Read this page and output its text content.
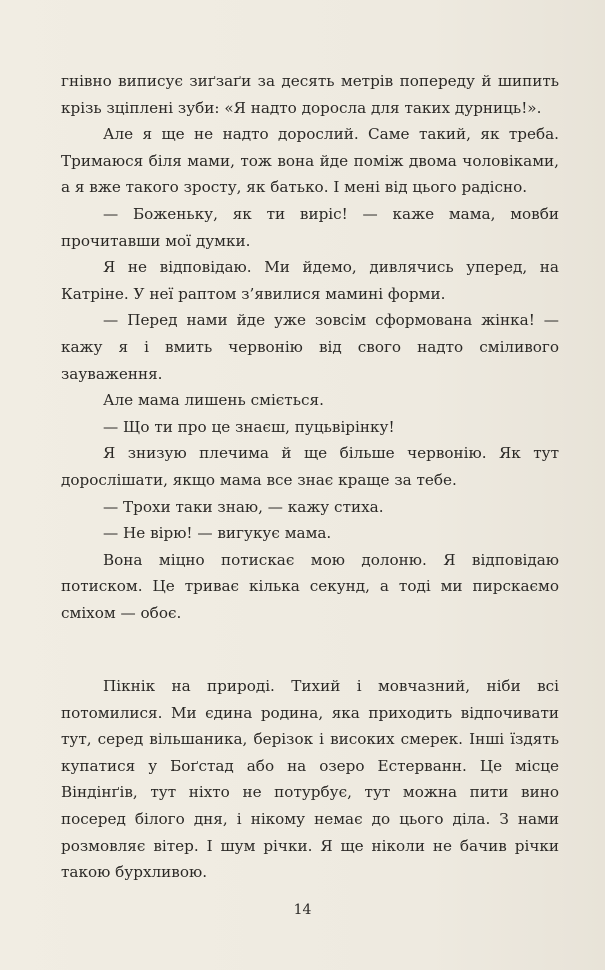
гнівно виписує зиґзаґи за десять метрів попереду й шипить крізь зціплені зуби: «Я надто доросла для таких дурниць!».

Але я ще не надто дорослий. Саме такий, як треба. Тримаюся біля мами, тож вона йде поміж двома чоловіками, а я вже такого зросту, як батько. І мені від цього радісно.

— Боженьку, як ти виріс! — каже мама, мовби прочитавши мої думки.

Я не відповідаю. Ми йдемо, дивлячись уперед, на Катріне. У неї раптом з’явилися мамині форми.

— Перед нами йде уже зовсім сформована жінка! — кажу я і вмить червонію від свого надто сміливого зауваження.

Але мама лишень сміється.

— Що ти про це знаєш, пуцьвірінку!

Я знизую плечима й ще більше червонію. Як тут дорослішати, якщо мама все знає краще за тебе.

— Трохи таки знаю, — кажу стиха.

— Не вірю! — вигукує мама.

Вона міцно потискає мою долоню. Я відповідаю потиском. Це триває кілька секунд, а тоді ми пирскаємо сміхом — обоє.

Пікнік на природі. Тихий і мовчазний, ніби всі потомилися. Ми єдина родина, яка приходить відпочивати тут, серед вільшаника, берізок і високих смерек. Інші їздять купатися у Боґстад або на озеро Естерванн. Це місце Віндінґів, тут ніхто не потурбує, тут можна пити вино посеред білого дня, і нікому немає до цього діла. З нами розмовляє вітер. І шум річки. Я ще ніколи не бачив річки такою бурхливою.

14
